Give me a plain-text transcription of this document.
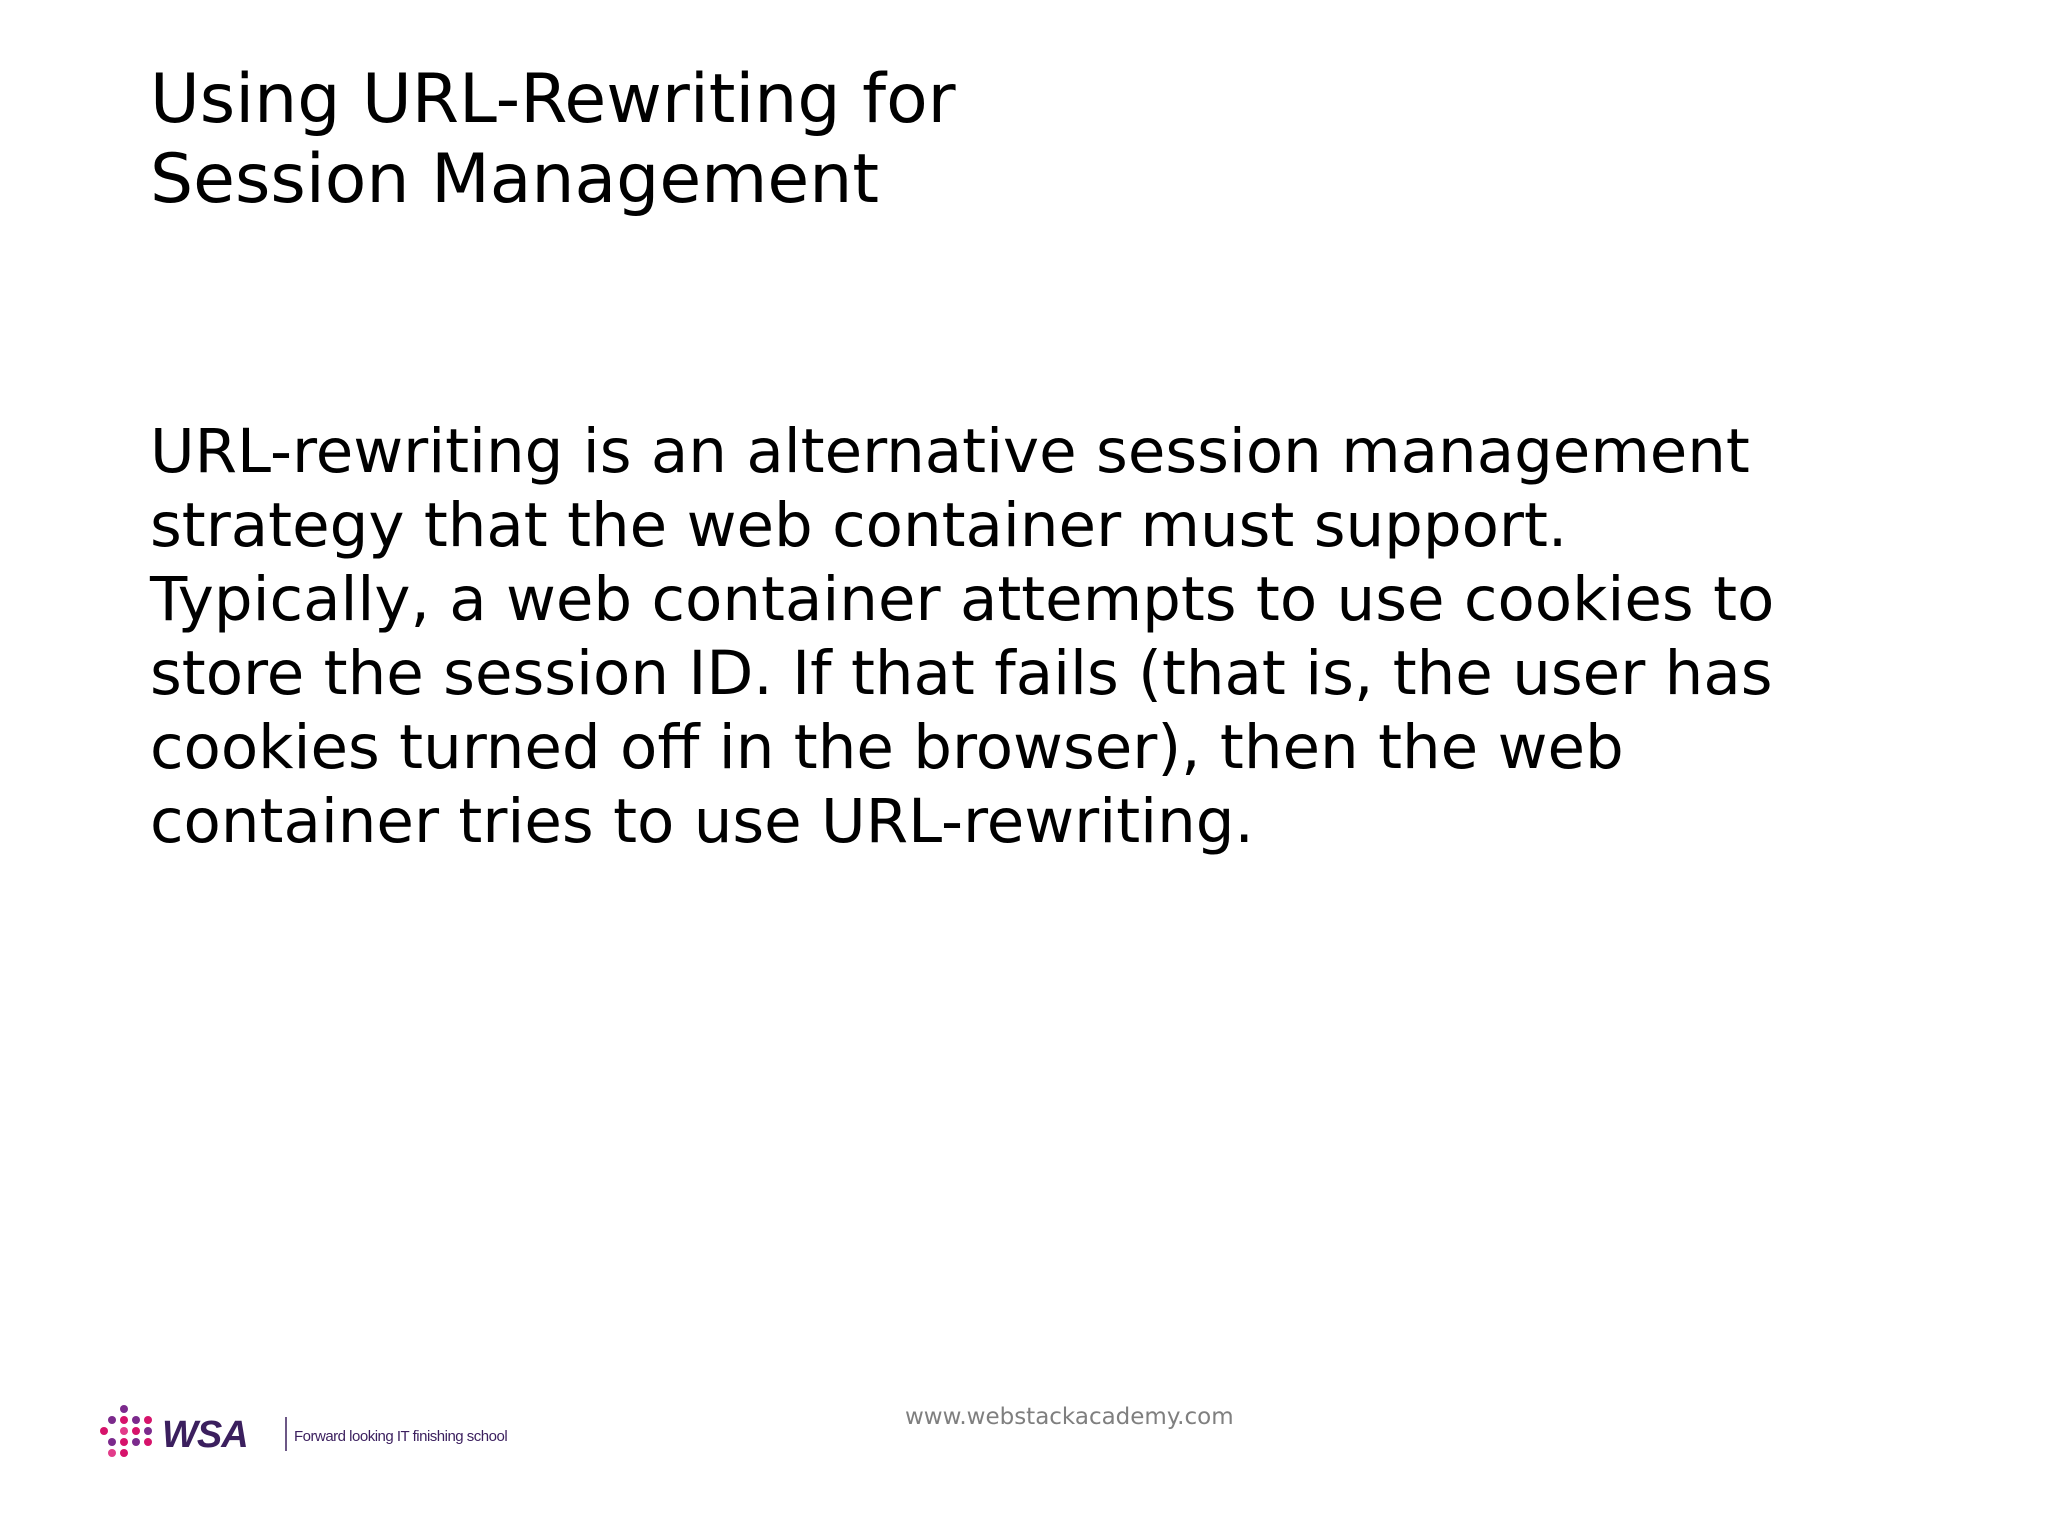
Using URL-Rewriting for
Session Management

URL-rewriting is an alternative session management
strategy that the web container must support.
Typically, a web container attempts to use cookies to
store the session ID. If that fails (that is, the user has
cookies turned off in the browser), then the web
container tries to use URL-rewriting.

WSA	Forward looking IT finishing school
www.webstackacademy.com
